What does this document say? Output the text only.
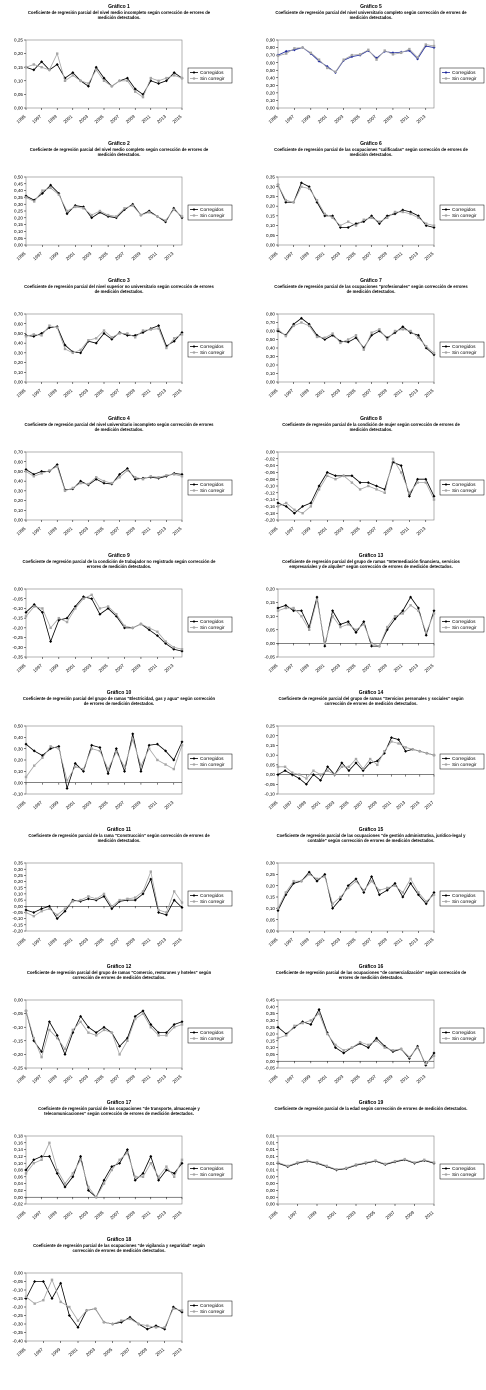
Gráfico 1
Coeficiente de regresión parcial del nivel medio incompleto según corrección de errores de medición detectados.
0,25
0,20
0,15
0,10
0,05
0,00
1995 1997 1999 2001 2003 2005 2007 2009 2011 2013 2015
Corregidos
Sin corregir
Gráfico 5
Coeficiente de regresión parcial del nivel universitario completo según corrección de errores de medición detectados.
0,90
0,80
0,70
0,60
0,50
0,40
0,30
0,20
0,10
0,00
1995 1997 1999 2001 2003 2005 2007 2009 2011 2013
Corregidos
Sin corregir
Gráfico 2
Coeficiente de regresión parcial del nivel medio completo según corrección de errores de medición detectados.
0,50
0,45
0,40
0,35
0,30
0,25
0,20
0,15
0,10
0,05
0,00
1995 1997 1999 2001 2003 2005 2007 2009 2011 2013
Corregidos
Sin corregir
Gráfico 6
Coeficiente de regresión parcial de las ocupaciones "calificadas" según corrección de errores de medición detectados.
0,35
0,30
0,25
0,20
0,15
0,10
0,05
0,00
1995 1997 1999 2001 2003 2005 2007 2009 2011 2013 2015
Corregidos
Sin corregir
Gráfico 3
Coeficiente de regresión parcial del nivel superior no universitario según corrección de errores de medición detectados.
0,70
0,60
0,50
0,40
0,30
0,20
0,10
0,00
1995 1997 1999 2001 2003 2005 2007 2009 2011 2013 2015
Corregidos
Sin corregir
Gráfico 7
Coeficiente de regresión parcial de las ocupaciones "profesionales" según corrección de errores de medición detectados.
0,80
0,70
0,60
0,50
0,40
0,30
0,20
0,10
0,00
1995 1997 1999 2001 2003 2005 2007 2009 2011 2013 2015
Corregidos
Sin corregir
Gráfico 4
Coeficiente de regresión parcial del nivel universitario incompleto según corrección de errores de medición detectados.
0,70
0,60
0,50
0,40
0,30
0,20
0,10
0,00
1995 1997 1999 2001 2003 2005 2007 2009 2011 2013 2015
Corregidos
Sin corregir
Gráfico 8
Coeficiente de regresión parcial de la condición de mujer según corrección de errores de medición detectados.
0,00
-0,02
-0,04
-0,06
-0,08
-0,10
-0,12
-0,14
-0,16
-0,18
-0,20
1995 1997 1999 2001 2003 2005 2007 2009 2011 2013
Corregidos
Sin corregir
Gráfico 9
Coeficiente de regresión parcial de la condición de trabajador no registrado según corrección de errores de medición detectados.
0,00
-0,05
-0,10
-0,15
-0,20
-0,25
-0,30
-0,35
1995 1997 1999 2001 2003 2005 2007 2009 2011 2013
Corregidos
Sin corregir
Gráfico 13
Coeficiente de regresión parcial del grupo de ramas "Intermediación financiera, servicios empresariales y de alquiler" según corrección de errores de medición detectados.
0,20
0,15
0,10
0,05
0,00
-0,05
1995 1997 1999 2001 2003 2005 2007 2009 2011 2013 2015
Corregidos
Sin corregir
Gráfico 10
Coeficiente de regresión parcial del grupo de ramas "Electricidad, gas y agua" según corrección de errores de medición detectados.
0,50
0,40
0,30
0,20
0,10
0,00
-0,10
1995 1997 1999 2001 2003 2005 2007 2009 2011 2013
Corregidos
Sin corregir
Gráfico 14
Coeficiente de regresión parcial del grupo de ramas "Servicios personales y sociales" según corrección de errores de medición detectados.
0,25
0,20
0,15
0,10
0,05
0,00
-0,05
-0,10
1995 1997 1999 2001 2003 2005 2007 2009 2011 2013 2015 2017
Corregidos
Sin corregir
Gráfico 11
Coeficiente de regresión parcial de la rama "Construcción" según corrección de errores de medición detectados.
0,35
0,30
0,25
0,20
0,15
0,10
0,05
0,00
-0,05
-0,10
-0,15
-0,20
1995 1997 1999 2001 2003 2005 2007 2009 2011 2013 2015
Corregidos
Sin corregir
Gráfico 15
Coeficiente de regresión parcial de las ocupaciones "de gestión administrativa, jurídico-legal y contable" según corrección de errores de medición detectados.
0,30
0,25
0,20
0,15
0,10
0,05
0,00
1995 1997 1999 2001 2003 2005 2007 2009 2011 2013 2015
Corregidos
Sin corregir
Gráfico 12
Coeficiente de regresión parcial del grupo de ramas "Comercio, restoranes y hoteles" según corrección de errores de medición detectados.
0,00
-0,05
-0,10
-0,15
-0,20
-0,25
1995 1997 1999 2001 2003 2005 2007 2009 2011 2013 2015
Corregidos
Sin corregir
Gráfico 16
Coeficiente de regresión parcial de las ocupaciones "de comercialización" según corrección de errores de medición detectados.
0,45
0,40
0,35
0,30
0,25
0,20
0,15
0,10
0,05
0,00
-0,05
1995 1997 1999 2001 2003 2005 2007 2009 2011 2013
Corregidos
Sin corregir
Gráfico 17
Coeficiente de regresión parcial de las ocupaciones "de transporte, almacenaje y telecomunicaciones" según corrección de errores de medición detectados.
0,18
0,16
0,14
0,12
0,10
0,08
0,06
0,04
0,02
0,00
-0,02
1995 1997 1999 2001 2003 2005 2007 2009 2011 2013 2015
Corregidos
Sin corregir
Gráfico 19
Coeficiente de regresión parcial de la edad según corrección de errores de medición detectados.
0,01
0,01
0,01
0,01
0,01
0,01
0,00
0,00
0,00
0,00
0,00
1995 1997 1999 2001 2003 2005 2007 2009 2011
Corregidos
Sin corregir
Gráfico 18
Coeficiente de regresión parcial de las ocupaciones "de vigilancia y seguridad" según corrección de errores de medición detectados.
0,00
-0,05
-0,10
-0,15
-0,20
-0,25
-0,30
-0,35
-0,40
1995 1997 1999 2001 2003 2005 2007 2009 2011 2013
Corregidos
Sin corregir
